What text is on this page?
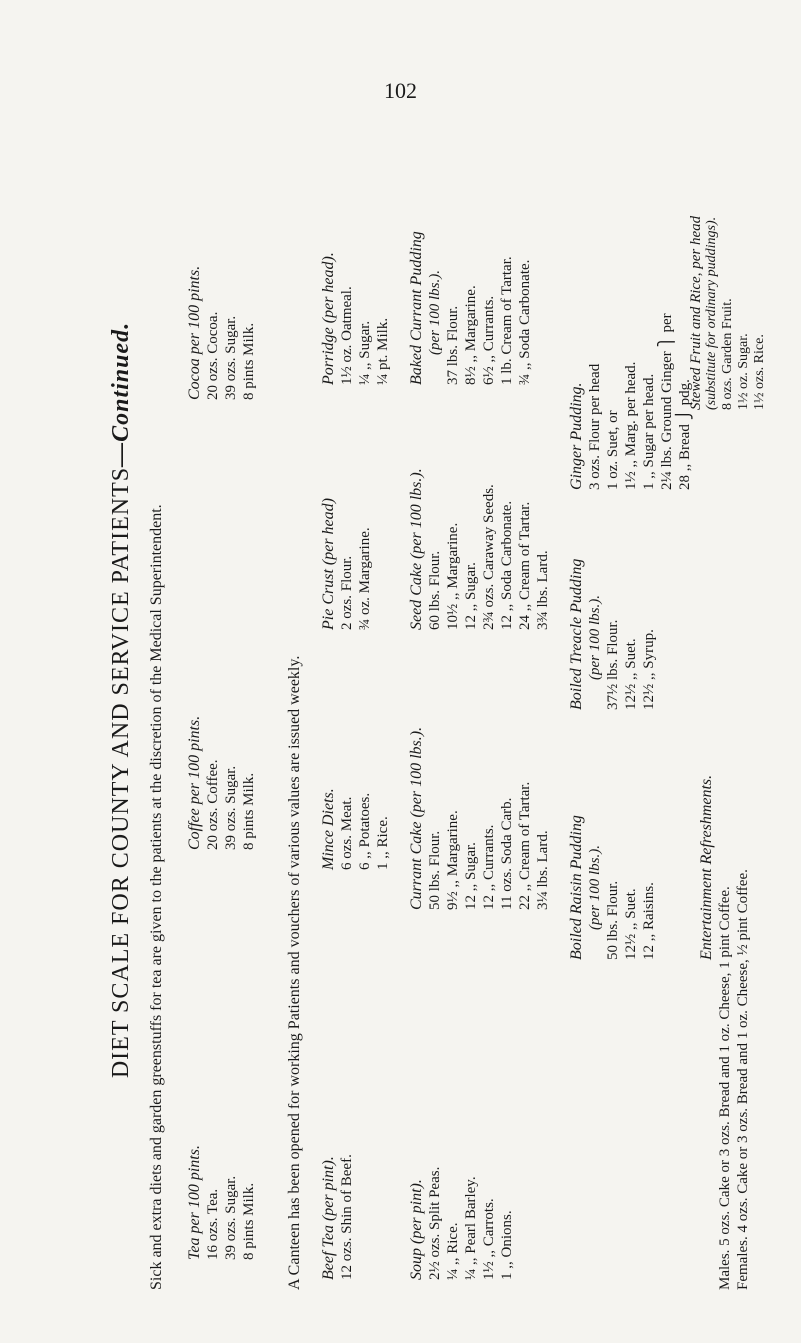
102
DIET SCALE FOR COUNTY AND SERVICE PATIENTS—Continued.
Sick and extra diets and garden greenstuffs for tea are given to the patients at the discretion of the Medical Superintendent. Tea per 100 pints. 16 ozs. Tea. 39 ozs. Sugar. 8 pints Milk.
Coffee per 100 pints. 20 ozs. Coffee. 39 ozs. Sugar. 8 pints Milk.
Cocoa per 100 pints. 20 ozs. Cocoa. 39 ozs. Sugar. 8 pints Milk.
A Canteen has been opened for working Patients and vouchers of various values are issued weekly. Beef Tea (per pint). 12 ozs. Shin of Beef.
Mince Diets. 6 ozs. Meat. 6 ,, Potatoes. 1 ,, Rice.
Pie Crust (per head) 2 ozs. Flour. ¾ oz. Margarine.
Porridge (per head). 1½ oz. Oatmeal. ¼ ,, Sugar. ¼ pt. Milk.
Soup (per pint). 2½ ozs. Split Peas. ¼ ,, Rice. ¼ ,, Pearl Barley. 1½ ,, Carrots. 1 ,, Onions.
Currant Cake (per 100 lbs.). 50 lbs. Flour. 9½ ,, Margarine. 12 ,, Sugar. 12 ,, Currants. 11 ozs. Soda Carb. 22 ,, Cream of Tartar. 3¼ lbs. Lard.
Seed Cake (per 100 lbs.). 60 lbs. Flour. 10½ ,, Margarine. 12 ,, Sugar. 2¾ ozs. Caraway Seeds. 12 ,, Soda Carbonate. 24 ,, Cream of Tartar. 3¾ lbs. Lard.
Baked Currant Pudding (per 100 lbs.). 37 lbs. Flour. 8½ ,, Margarine. 6½ ,, Currants. 1 lb. Cream of Tartar. ¾ ,, Soda Carbonate.
Boiled Raisin Pudding (per 100 lbs.). 50 lbs. Flour. 12½ ,, Suet. 12 ,, Raisins.
Boiled Treacle Pudding (per 100 lbs.). 37½ lbs. Flour. 12½ ,, Suet. 12½ ,, Syrup.
Ginger Pudding. 3 ozs. Flour per head 1 oz. Suet, or 1½ ,, Marg. per head. 1 ,, Sugar per head. 2¼ lbs. Ground Ginger ⎫ per 28 ,, Bread ⎭ pdg.
Entertainment Refreshments.
Males. 5 ozs. Cake or 3 ozs. Bread and 1 oz. Cheese, 1 pint Coffee. Females. 4 ozs. Cake or 3 ozs. Bread and 1 oz. Cheese, ½ pint Coffee.
Stewed Fruit and Rice, per head (substitute for ordinary puddings). 8 ozs. Garden Fruit. 1½ oz. Sugar. 1½ ozs. Rice.
